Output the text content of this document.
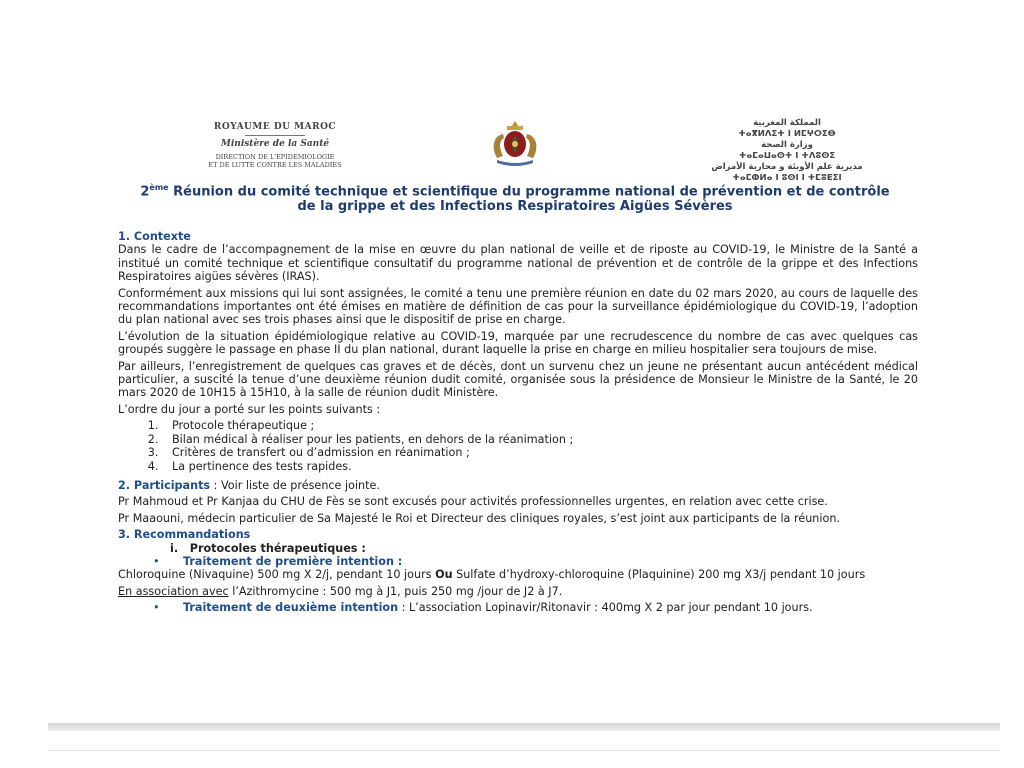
ROYAUME DU MAROC
Ministère de la Santé
DIRECTION DE L'EPIDEMIOLOGIE
ET DE LUTTE CONTRE LES MALADIES
المملكة المغربية
ⵜⴰⴳⵍⴷⵉⵜ ⵏ ⵍⵎⵖⵔⵉⴱ
وزارة الصحة
ⵜⴰⵎⴰⵡⴰⵙⵜ ⵏ ⵜⴷⵓⵙⵉ
مديرية علم الأوبئة و محاربة الأمراض
ⵜⴰⵎⵀⵍⴰ ⵏ ⵓⵙⵏ ⵏ ⵜⵎⵓⴹⵉⵏ
2ème Réunion du comité technique et scientifique du programme national de prévention et de contrôle de la grippe et des Infections Respiratoires Aigües Sévères
1. Contexte

Dans le cadre de l’accompagnement de la mise en œuvre du plan national de veille et de riposte au COVID-19, le Ministre de la Santé a institué un comité technique et scientifique consultatif du programme national de prévention et de contrôle de la grippe et des Infections Respiratoires aigües sévères (IRAS).

Conformément aux missions qui lui sont assignées, le comité a tenu une première réunion en date du 02 mars 2020, au cours de laquelle des recommandations importantes ont été émises en matière de définition de cas pour la surveillance épidémiologique du COVID-19, l’adoption du plan national avec ses trois phases ainsi que le dispositif de prise en charge.

L’évolution de la situation épidémiologique relative au COVID-19, marquée par une recrudescence du nombre de cas avec quelques cas groupés suggère le passage en phase II du plan national, durant laquelle la prise en charge en milieu hospitalier sera toujours de mise.

Par ailleurs, l’enregistrement de quelques cas graves et de décès, dont un survenu chez un jeune ne présentant aucun antécédent médical particulier, a suscité la tenue d’une deuxième réunion dudit comité, organisée sous la présidence de Monsieur le Ministre de la Santé, le 20 mars 2020 de 10H15 à 15H10, à la salle de réunion dudit Ministère.

L’ordre du jour a porté sur les points suivants :

1. Protocole thérapeutique ;
2. Bilan médical à réaliser pour les patients, en dehors de la réanimation ;
3. Critères de transfert ou d’admission en réanimation ;
4. La pertinence des tests rapides.

2. Participants : Voir liste de présence jointe.

Pr Mahmoud et Pr Kanjaa du CHU de Fès se sont excusés pour activités professionnelles urgentes, en relation avec cette crise.

Pr Maaouni, médecin particulier de Sa Majesté le Roi et Directeur des cliniques royales, s’est joint aux participants de la réunion.

3. Recommandations
i. Protocoles thérapeutiques :
•	Traitement de première intention :

Chloroquine (Nivaquine) 500 mg X 2/j, pendant 10 jours Ou Sulfate d’hydroxy-chloroquine (Plaquinine) 200 mg X3/j pendant 10 jours

En association avec l’Azithromycine : 500 mg à J1, puis 250 mg /jour de J2 à J7.

•	Traitement de deuxième intention : L’association Lopinavir/Ritonavir : 400mg X 2 par jour pendant 10 jours.
